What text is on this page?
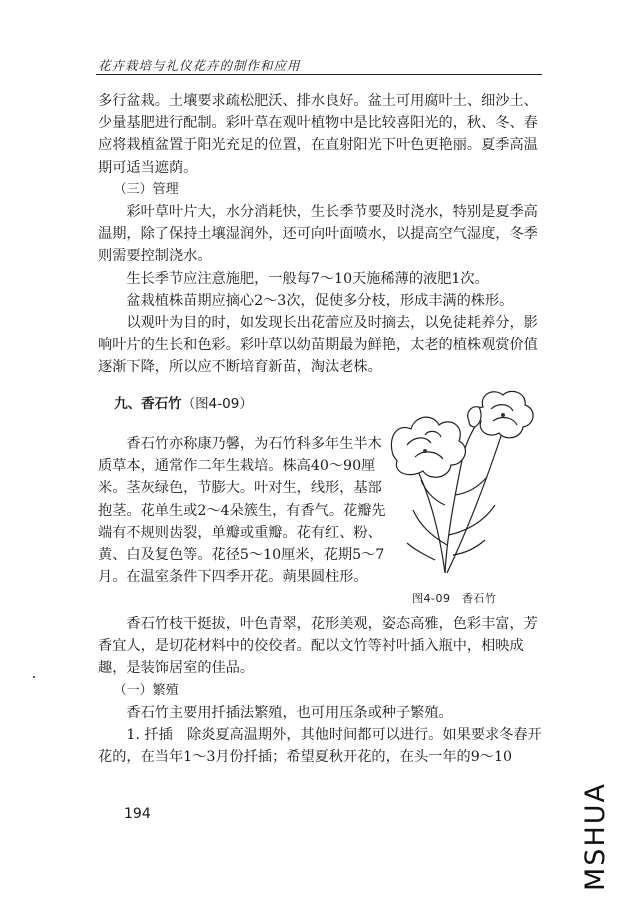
花卉栽培与礼仪花卉的制作和应用

多行盆栽。土壤要求疏松肥沃、排水良好。盆土可用腐叶土、细沙土、少量基肥进行配制。彩叶草在观叶植物中是比较喜阳光的，秋、冬、春应将栽植盆置于阳光充足的位置，在直射阳光下叶色更艳丽。夏季高温期可适当遮荫。

（三）管理

彩叶草叶片大，水分消耗快，生长季节要及时浇水，特别是夏季高温期，除了保持土壤湿润外，还可向叶面喷水，以提高空气湿度，冬季则需要控制浇水。

生长季节应注意施肥，一般每7～10天施稀薄的液肥1次。

盆栽植株苗期应摘心2～3次，促使多分枝，形成丰满的株形。

以观叶为目的时，如发现长出花蕾应及时摘去，以免徒耗养分，影响叶片的生长和色彩。彩叶草以幼苗期最为鲜艳，太老的植株观赏价值逐渐下降，所以应不断培育新苗，淘汰老株。

九、香石竹（图4-09）

香石竹亦称康乃馨，为石竹科多年生半木质草本，通常作二年生栽培。株高40～90厘米。茎灰绿色，节膨大。叶对生，线形，基部抱茎。花单生或2～4朵簇生，有香气。花瓣先端有不规则齿裂，单瓣或重瓣。花有红、粉、黄、白及复色等。花径5～10厘米，花期5～7月。在温室条件下四季开花。蒴果圆柱形。

图4-09　香石竹

香石竹枝干挺拔，叶色青翠，花形美观，姿态高雅，色彩丰富，芳香宜人，是切花材料中的佼佼者。配以文竹等衬叶插入瓶中，相映成趣，是装饰居室的佳品。

（一）繁殖

香石竹主要用扦插法繁殖，也可用压条或种子繁殖。

1. 扦插　除炎夏高温期外，其他时间都可以进行。如果要求冬春开花的，在当年1～3月份扦插；希望夏秋开花的，在头一年的9～10

194	MSHUA
